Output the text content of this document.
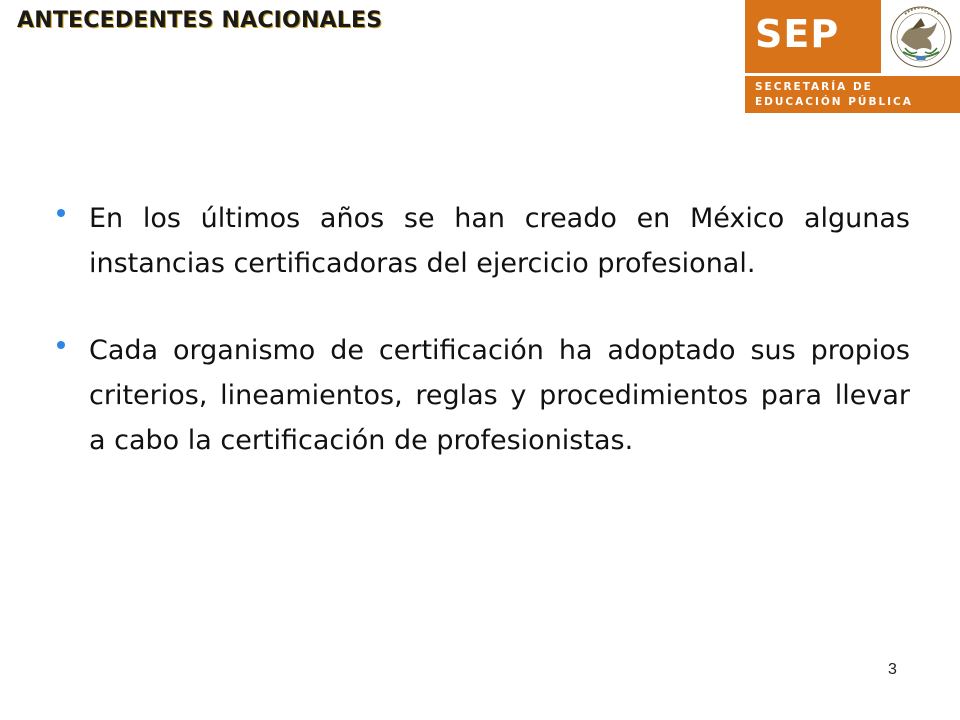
ANTECEDENTES NACIONALES	SEP
SECRETARÍA DE
EDUCACIÓN PÚBLICA
En los últimos años se han creado en México algunas instancias certificadoras del ejercicio profesional.
Cada organismo de certificación ha adoptado sus propios criterios, lineamientos, reglas y procedimientos para llevar a cabo la certificación de profesionistas.
3
